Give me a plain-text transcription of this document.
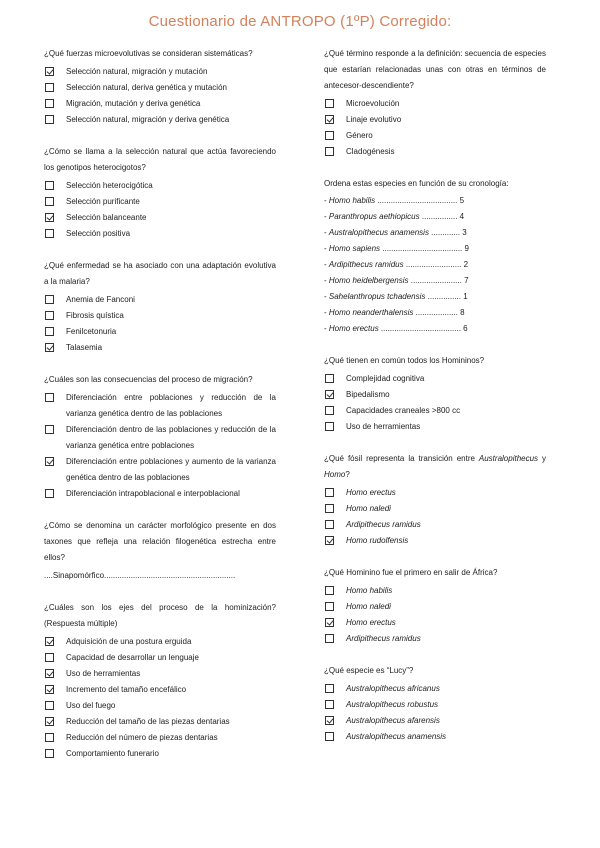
Cuestionario de ANTROPO (1ºP) Corregido:
¿Qué fuerzas microevolutivas se consideran sistemáticas?
Selección natural, migración y mutación
Selección natural, deriva genética y mutación
Migración, mutación y deriva genética
Selección natural, migración y deriva genética
¿Cómo se llama a la selección natural que actúa favoreciendo los genotipos heterocigotos?
Selección heterocigótica
Selección purificante
Selección balanceante
Selección positiva
¿Qué enfermedad se ha asociado con una adaptación evolutiva a la malaria?
Anemia de Fanconi
Fibrosis quística
Fenilcetonuria
Talasemia
¿Cuáles son las consecuencias del proceso de migración?
Diferenciación entre poblaciones y reducción de la varianza genética dentro de las poblaciones
Diferenciación dentro de las poblaciones y reducción de la varianza genética entre poblaciones
Diferenciación entre poblaciones y aumento de la varianza genética dentro de las poblaciones
Diferenciación intrapoblacional e interpoblacional
¿Cómo se denomina un carácter morfológico presente en dos taxones que refleja una relación filogenética estrecha entre ellos?
....Sinapomórfico...........................................................
¿Cuáles son los ejes del proceso de la hominización? (Respuesta múltiple)
Adquisición de una postura erguida
Capacidad de desarrollar un lenguaje
Uso de herramientas
Incremento del tamaño encefálico
Uso del fuego
Reducción del tamaño de las piezas dentarias
Reducción del número de piezas dentarias
Comportamiento funerario
¿Qué término responde a la definición: secuencia de especies que estarían relacionadas unas con otras en términos de antecesor-descendiente?
Microevolución
Linaje evolutivo
Género
Cladogénesis
Ordena estas especies en función de su cronología:
- Homo habilis .................................... 5
- Paranthropus aethiopicus ................ 4
- Australopithecus anamensis ............. 3
- Homo sapiens .................................... 9
- Ardipithecus ramidus ......................... 2
- Homo heidelbergensis ....................... 7
- Sahelanthropus tchadensis ............... 1
- Homo neanderthalensis ................... 8
- Homo erectus .................................... 6
¿Qué tienen en común todos los Homininos?
Complejidad cognitiva
Bipedalismo
Capacidades craneales >800 cc
Uso de herramientas
¿Qué fósil representa la transición entre Australopithecus y Homo?
Homo erectus
Homo naledi
Ardipithecus ramidus
Homo rudolfensis
¿Qué Hominino fue el primero en salir de África?
Homo habilis
Homo naledi
Homo erectus
Ardipithecus ramidus
¿Qué especie es “Lucy”?
Australopithecus africanus
Australopithecus robustus
Australopithecus afarensis
Australopithecus anamensis
